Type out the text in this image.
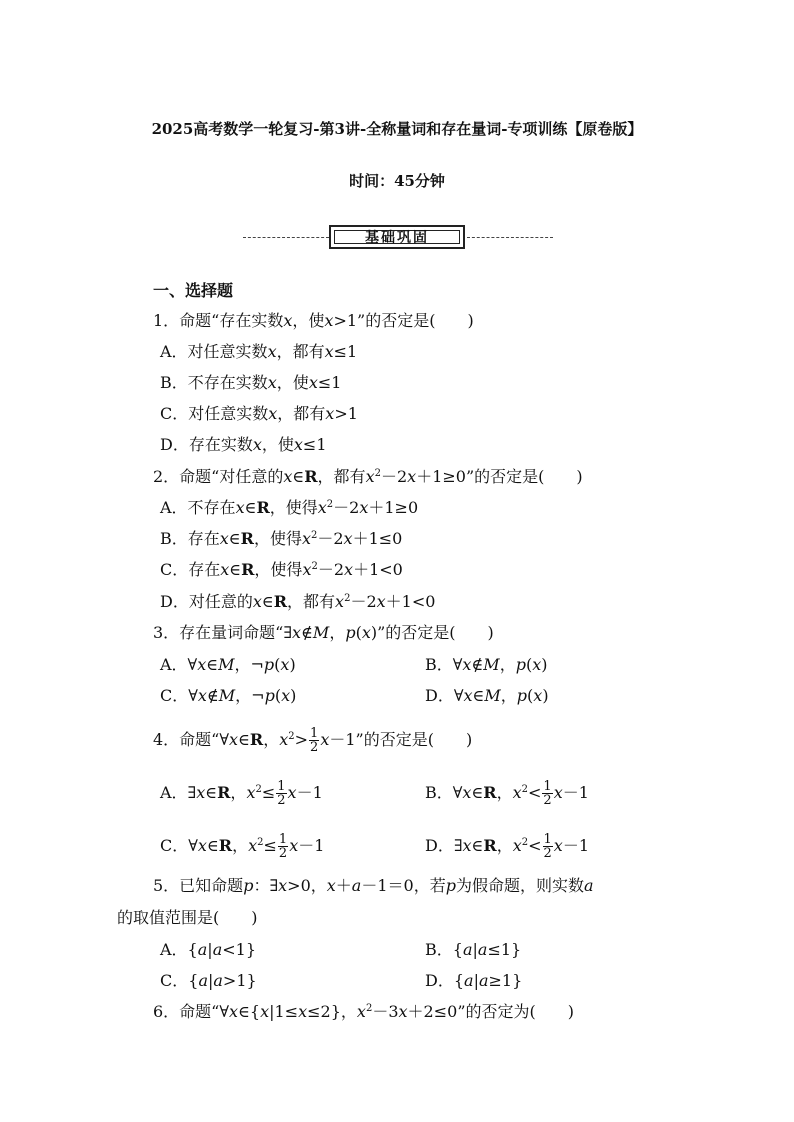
2025高考数学一轮复习-第3讲-全称量词和存在量词-专项训练【原卷版】
时间：45分钟
基础巩固
一、选择题
1．命题“存在实数x，使x>1”的否定是(　　)
A．对任意实数x，都有x≤1
B．不存在实数x，使x≤1
C．对任意实数x，都有x>1
D．存在实数x，使x≤1
2．命题“对任意的x∈R，都有$x^2-2x+1\ge 0$”的否定是(　　)
A．不存在x∈R，使得$x^2-2x+1\ge 0$
B．存在x∈R，使得$x^2-2x+1\le 0$
C．存在x∈R，使得$x^2-2x+1<0$
D．对任意的x∈R，都有$x^2-2x+1<0$
3．存在量词命题“∃x∉M，p(x)”的否定是(　　)
A．∀x∈M，¬p(x)	B．∀x∉M，p(x)
C．∀x∉M，¬p(x)	D．∀x∈M，p(x)
4．命题“∀x∈R，$x^2> \frac{1}{2} x-1$”的否定是(　　)
A．∃x∈R，$x^2\le \frac{1}{2} x-1$	B．∀x∈R，$x^2< \frac{1}{2} x-1$
C．∀x∈R，$x^2\le \frac{1}{2} x-1$	D．∃x∈R，$x^2< \frac{1}{2} x-1$
5．已知命题p：∃x>0，x＋a－1＝0，若p为假命题，则实数a
的取值范围是(　　)
A．{a|a<1}	B．{a|a≤1}
C．{a|a>1}	D．{a|a≥1}
6．命题“∀x∈{x|1≤x≤2}，$x^2-3x+2\le 0$”的否定为(　　)
